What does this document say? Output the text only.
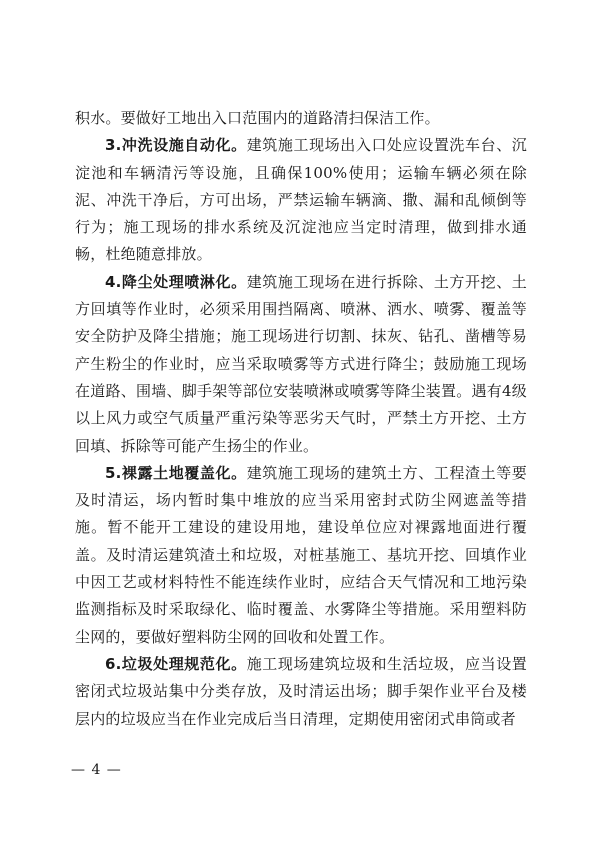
积水。要做好工地出入口范围内的道路清扫保洁工作。

3.冲洗设施自动化。建筑施工现场出入口处应设置洗车台、沉淀池和车辆清污等设施，且确保100%使用；运输车辆必须在除泥、冲洗干净后，方可出场，严禁运输车辆滴、撒、漏和乱倾倒等行为；施工现场的排水系统及沉淀池应当定时清理，做到排水通畅，杜绝随意排放。

4.降尘处理喷淋化。建筑施工现场在进行拆除、土方开挖、土方回填等作业时，必须采用围挡隔离、喷淋、洒水、喷雾、覆盖等安全防护及降尘措施；施工现场进行切割、抹灰、钻孔、凿槽等易产生粉尘的作业时，应当采取喷雾等方式进行降尘；鼓励施工现场在道路、围墙、脚手架等部位安装喷淋或喷雾等降尘装置。遇有4级以上风力或空气质量严重污染等恶劣天气时，严禁土方开挖、土方回填、拆除等可能产生扬尘的作业。

5.裸露土地覆盖化。建筑施工现场的建筑土方、工程渣土等要及时清运，场内暂时集中堆放的应当采用密封式防尘网遮盖等措施。暂不能开工建设的建设用地，建设单位应对裸露地面进行覆盖。及时清运建筑渣土和垃圾，对桩基施工、基坑开挖、回填作业中因工艺或材料特性不能连续作业时，应结合天气情况和工地污染监测指标及时采取绿化、临时覆盖、水雾降尘等措施。采用塑料防尘网的，要做好塑料防尘网的回收和处置工作。

6.垃圾处理规范化。施工现场建筑垃圾和生活垃圾，应当设置密闭式垃圾站集中分类存放，及时清运出场；脚手架作业平台及楼层内的垃圾应当在作业完成后当日清理，定期使用密闭式串筒或者

— 4 —
